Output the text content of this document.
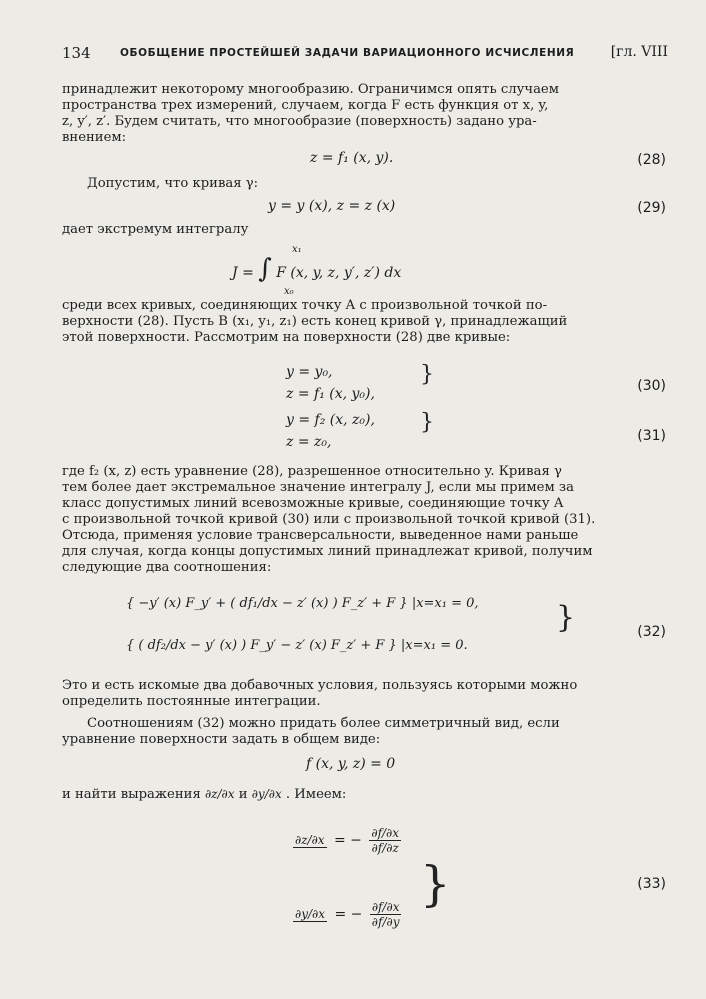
134	ОБОБЩЕНИЕ ПРОСТЕЙШЕЙ ЗАДАЧИ ВАРИАЦИОННОГО ИСЧИСЛЕНИЯ	[гл. VIII
принадлежит некоторому многообразию. Ограничимся опять случаем
пространства трех измерений, случаем, когда F есть функция от x, y,
z, y′, z′. Будем считать, что многообразие (поверхность) задано ура-
внением:
z = f₁ (x, y).	(28)
Допустим, что кривая γ:
y = y (x), z = z (x)	(29)
дает экстремум интегралу
J = ∫ F (x, y, z, y′, z′) dx
x₁
x₀
среди всех кривых, соединяющих точку A с произвольной точкой по-
верхности (28). Пусть B (x₁, y₁, z₁) есть конец кривой γ, принадлежащий
этой поверхности. Рассмотрим на поверхности (28) две кривые:
y = y₀,
z = f₁ (x, y₀),
}	(30)
y = f₂ (x, z₀),
z = z₀,
}
(31)
где f₂ (x, z) есть уравнение (28), разрешенное относительно y. Кривая γ
тем более дает экстремальное значение интегралу J, если мы примем за
класс допустимых линий всевозможные кривые, соединяющие точку A
с произвольной точкой кривой (30) или с произвольной точкой кривой (31).
Отсюда, применяя условие трансверсальности, выведенное нами раньше
для случая, когда концы допустимых линий принадлежат кривой, получим
следующие два соотношения:
{ −y′ (x) F_y′ + ( df₁/dx − z′ (x) ) F_z′ + F } |x=x₁ = 0,
{ ( df₂/dx − y′ (x) ) F_y′ − z′ (x) F_z′ + F } |x=x₁ = 0.
}	(32)
Это и есть искомые два добавочных условия, пользуясь которыми можно
определить постоянные интеграции.
Соотношениям (32) можно придать более симметричный вид, если
уравнение поверхности задать в общем виде:
f (x, y, z) = 0
и найти выражения ∂z/∂x и ∂y/∂x . Имеем:
∂z/∂x = − $\frac{\partial f/\partial x}{\partial f/\partial z}$
∂y/∂x = − $\frac{\partial f/\partial x}{\partial f/\partial y}$
}	(33)
